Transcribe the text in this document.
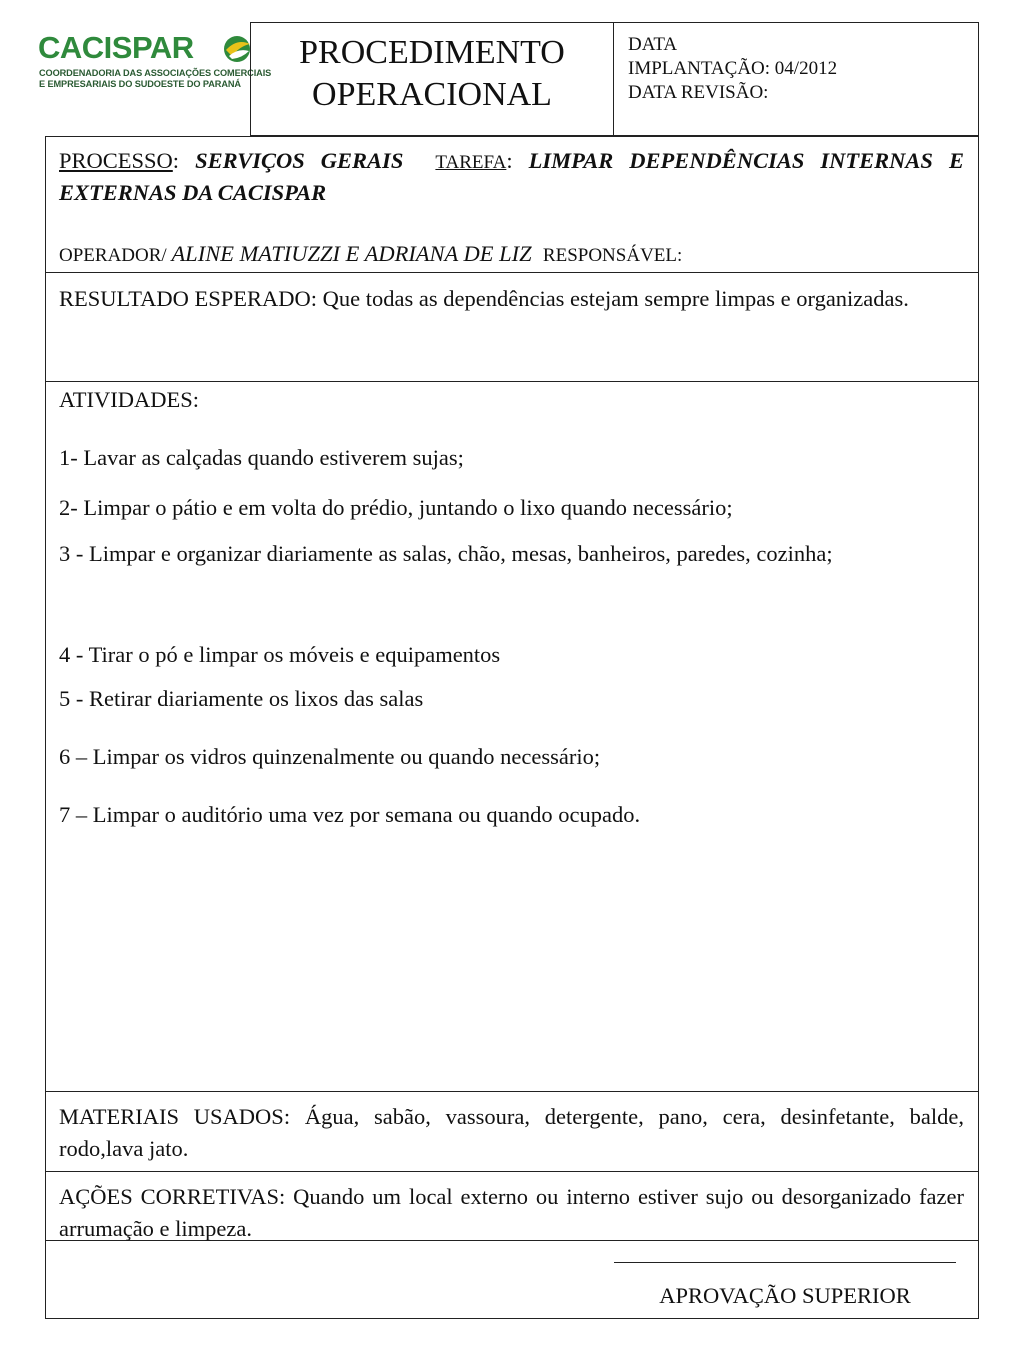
CACISPAR
COORDENADORIA DAS ASSOCIAÇÕES COMERCIAIS
E EMPRESARIAIS DO SUDOESTE DO PARANÁ
PROCEDIMENTO
OPERACIONAL
DATA
IMPLANTAÇÃO: 04/2012
DATA REVISÃO:
PROCESSO: SERVIÇOS GERAIS TAREFA: LIMPAR DEPENDÊNCIAS INTERNAS E EXTERNAS DA CACISPAR
OPERADOR/ ALINE MATIUZZI E ADRIANA DE LIZ RESPONSÁVEL:
RESULTADO ESPERADO: Que todas as dependências estejam sempre limpas e organizadas.
ATIVIDADES:
1- Lavar as calçadas quando estiverem sujas;
2- Limpar o pátio e em volta do prédio, juntando o lixo quando necessário;
3 - Limpar e organizar diariamente as salas, chão, mesas, banheiros, paredes, cozinha;
4 - Tirar o pó e limpar os móveis e equipamentos
5 - Retirar diariamente os lixos das salas
6 – Limpar os vidros quinzenalmente ou quando necessário;
7 – Limpar o auditório uma vez por semana ou quando ocupado.
MATERIAIS USADOS: Água, sabão, vassoura, detergente, pano, cera, desinfetante, balde, rodo,lava jato.
AÇÕES CORRETIVAS: Quando um local externo ou interno estiver sujo ou desorganizado fazer arrumação e limpeza.
APROVAÇÃO SUPERIOR
